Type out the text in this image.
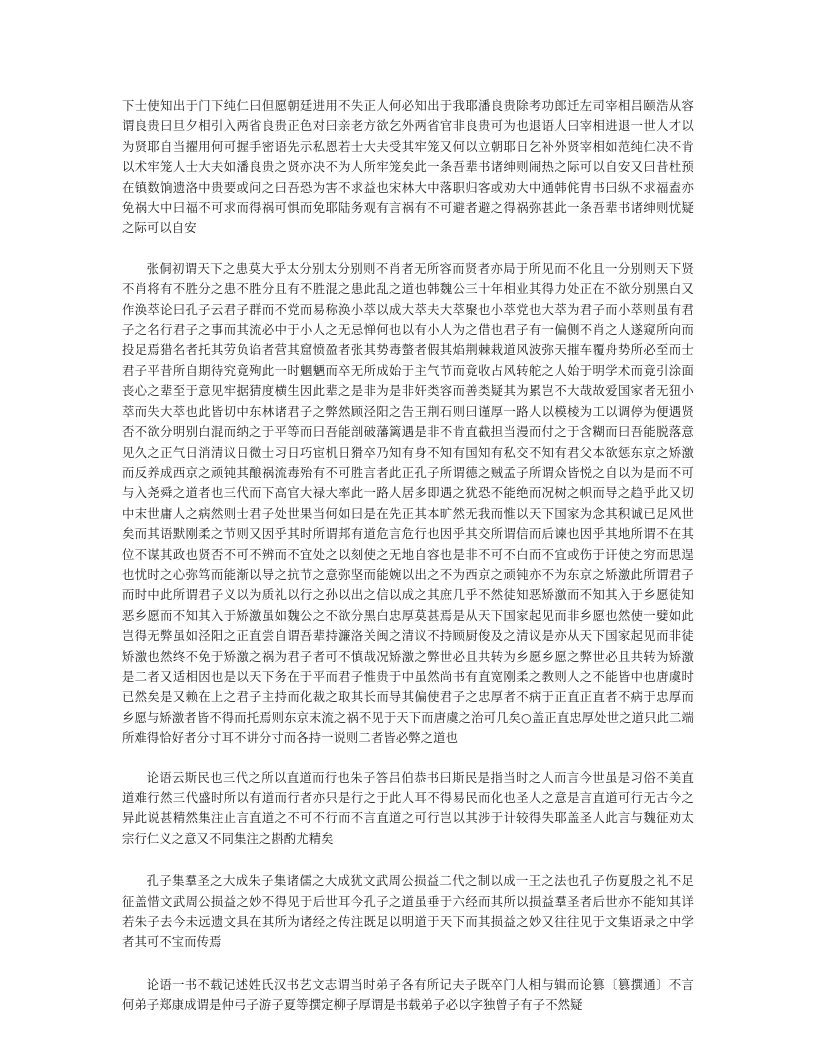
下士使知出于门下纯仁曰但愿朝廷进用不失正人何必知出于我耶潘良贵除考功郎迁左司宰相吕颐浩从容谓良贵曰旦夕相引入两省良贵正色对曰亲老方欲乞外两省官非良贵可为也退语人曰宰相进退一世人才以为贤耶自当擢用何可握手密语先示私恩若士大夫受其牢笼又何以立朝耶日乞补外贤宰相如范纯仁决不肯以术牢笼人士大夫如潘良贵之贤亦决不为人所牢笼矣此一条吾辈书诸绅则闹热之际可以自安又曰昔杜预在镇数饷遗洛中贵要或问之曰吾恐为害不求益也宋林大中落职归客或劝大中通韩侂胄书曰纵不求福盍亦免祸大中曰福不可求而得祸可惧而免耶陆务观有言祸有不可避者避之得祸弥甚此一条吾辈书诸绅则忧疑之际可以自安

张侗初谓天下之患莫大乎太分别太分别则不肖者无所容而贤者亦局于所见而不化且一分别则天下贤不肖将有不胜分之患不胜分且有不胜混之患此乱之道也韩魏公三十年相业其得力处正在不欲分别黑白又作涣萃论曰孔子云君子群而不党而易称涣小萃以成大萃夫大萃聚也小萃党也大萃为君子而小萃则虽有君子之名行君子之事而其流必中于小人之无忌惮何也以有小人为之借也君子有一偏侧不肖之人遂窥所向而投足焉猎名者托其劳负谄者营其窟愤盈者张其势毒螫者假其焰荆棘栽道风波弥天摧车覆舟势所必至而士君子平昔所自期待究竟殉此一时魍魉而卒无所成始于主气节而竟收占风转舵之人始于明学术而竟引涂面丧心之辈至于意见牢据猜度横生因此辈之是非为是非奸类容而善类疑其为累岂不大哉故爱国家者无狃小萃而失大萃也此皆切中东林诸君子之弊然顾泾阳之告王荆石则曰谨厚一路人以模棱为工以调停为便遇贤否不欲分明别白混而纳之于平等而曰吾能剖破藩篱遇是非不肯直截担当漫而付之于含糊而曰吾能脱落意见久之正气日消清议日微士习日巧宦机日猾卒乃知有身不知有国知有私交不知有君父本欲惩东京之矫激而反养成西京之顽钝其酿祸流毒殆有不可胜言者此正孔子所谓德之贼孟子所谓众皆悦之自以为是而不可与入尧舜之道者也三代而下高官大禄大率此一路人居多即遇之犹恐不能绝而况树之帜而导之趋乎此又切中末世庸人之病然则士君子处世果当何如曰是在先正其本旷然无我而惟以天下国家为念其积诚已足风世矣而其语默刚柔之节则又因乎其时所谓邦有道危言危行也因乎其交所谓信而后谏也因乎其地所谓不在其位不谋其政也贤否不可不辨而不宜处之以刻使之无地自容也是非不可不白而不宜或伤于讦使之穷而思逞也忧时之心弥笃而能渐以导之抗节之意弥坚而能婉以出之不为西京之顽钝亦不为东京之矫激此所谓君子而时中此所谓君子义以为质礼以行之孙以出之信以成之其庶几乎不然徒知恶矫激而不知其入于乡愿徒知恶乡愿而不知其入于矫激虽如魏公之不欲分黑白忠厚莫甚焉是从天下国家起见而非乡愿也然使一嬖如此岂得无弊虽如泾阳之正直尝自谓吾辈持濂洛关闽之清议不持顾厨俊及之清议是亦从天下国家起见而非徒矫激也然终不免于矫激之祸为君子者可不慎哉况矫激之弊世必且共转为乡愿乡愿之弊世必且共转为矫激是二者又适相因也是以天下务在于平而君子惟贵于中虽然尚书有直宽刚柔之教则人之不能皆中也唐虞时已然矣是又赖在上之君子主持而化裁之取其长而导其偏使君子之忠厚者不病于正直正直者不病于忠厚而乡愿与矫激者皆不得而托焉则东京末流之祸不见于天下而唐虞之治可几矣○盖正直忠厚处世之道只此二端所难得恰好者分寸耳不讲分寸而各持一说则二者皆必弊之道也

论语云斯民也三代之所以直道而行也朱子答吕伯恭书曰斯民是指当时之人而言今世虽是习俗不美直道难行然三代盛时所以有道而行者亦只是行之于此人耳不得易民而化也圣人之意是言直道可行无古今之异此说甚精然集注止言直道之不可不行而不言直道之可行岂以其涉于计较得失耶盖圣人此言与魏征劝太宗行仁义之意又不同集注之斟酌尤精矣

孔子集羣圣之大成朱子集诸儒之大成犹文武周公损益二代之制以成一王之法也孔子伤夏殷之礼不足征盖惜文武周公损益之妙不得见于后世耳今孔子之道虽垂于六经而其所以损益羣圣者后世亦不能知其详若朱子去今未远遗文具在其所为诸经之传注既足以明道于天下而其损益之妙又往往见于文集语录之中学者其可不宝而传焉

论语一书不载记述姓氏汉书艺文志谓当时弟子各有所记夫子既卒门人相与辑而论篡〔篡撰通〕不言何弟子郑康成谓是仲弓子游子夏等撰定柳子厚谓是书载弟子必以字独曾子有子不然疑
